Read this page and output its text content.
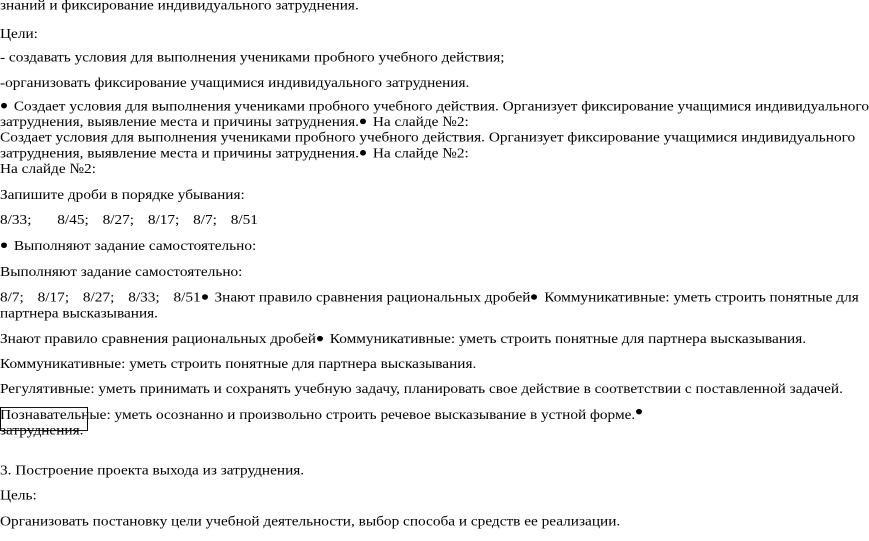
знаний и фиксирование индивидуального затруднения.
Цели:
- создавать условия для выполнения учениками пробного учебного действия;
-организовать фиксирование учащимися индивидуального затруднения.
Создает условия для выполнения учениками пробного учебного действия. Организует фиксирование учащимися индивидуального
затруднения, выявление места и причины затруднения. На слайде №2:
Создает условия для выполнения учениками пробного учебного действия. Организует фиксирование учащимися индивидуального
затруднения, выявление места и причины затруднения. На слайде №2:
На слайде №2:
Запишите дроби в порядке убывания:
8/33; 8/45; 8/27; 8/17; 8/7; 8/51
Выполняют задание самостоятельно:
Выполняют задание самостоятельно:
8/7; 8/17; 8/27; 8/33; 8/51 Знают правило сравнения рациональных дробей Коммуникативные: уметь строить понятные для
партнера высказывания.
Знают правило сравнения рациональных дробей Коммуникативные: уметь строить понятные для партнера высказывания.
Коммуникативные: уметь строить понятные для партнера высказывания.
Регулятивные: уметь принимать и сохранять учебную задачу, планировать свое действие в соответствии с поставленной задачей.
Познавательные: уметь осознанно и произвольно строить речевое высказывание в устной форме.
затруднения.
3. Построение проекта выхода из затруднения.
Цель:
Организовать постановку цели учебной деятельности, выбор способа и средств ее реализации.
